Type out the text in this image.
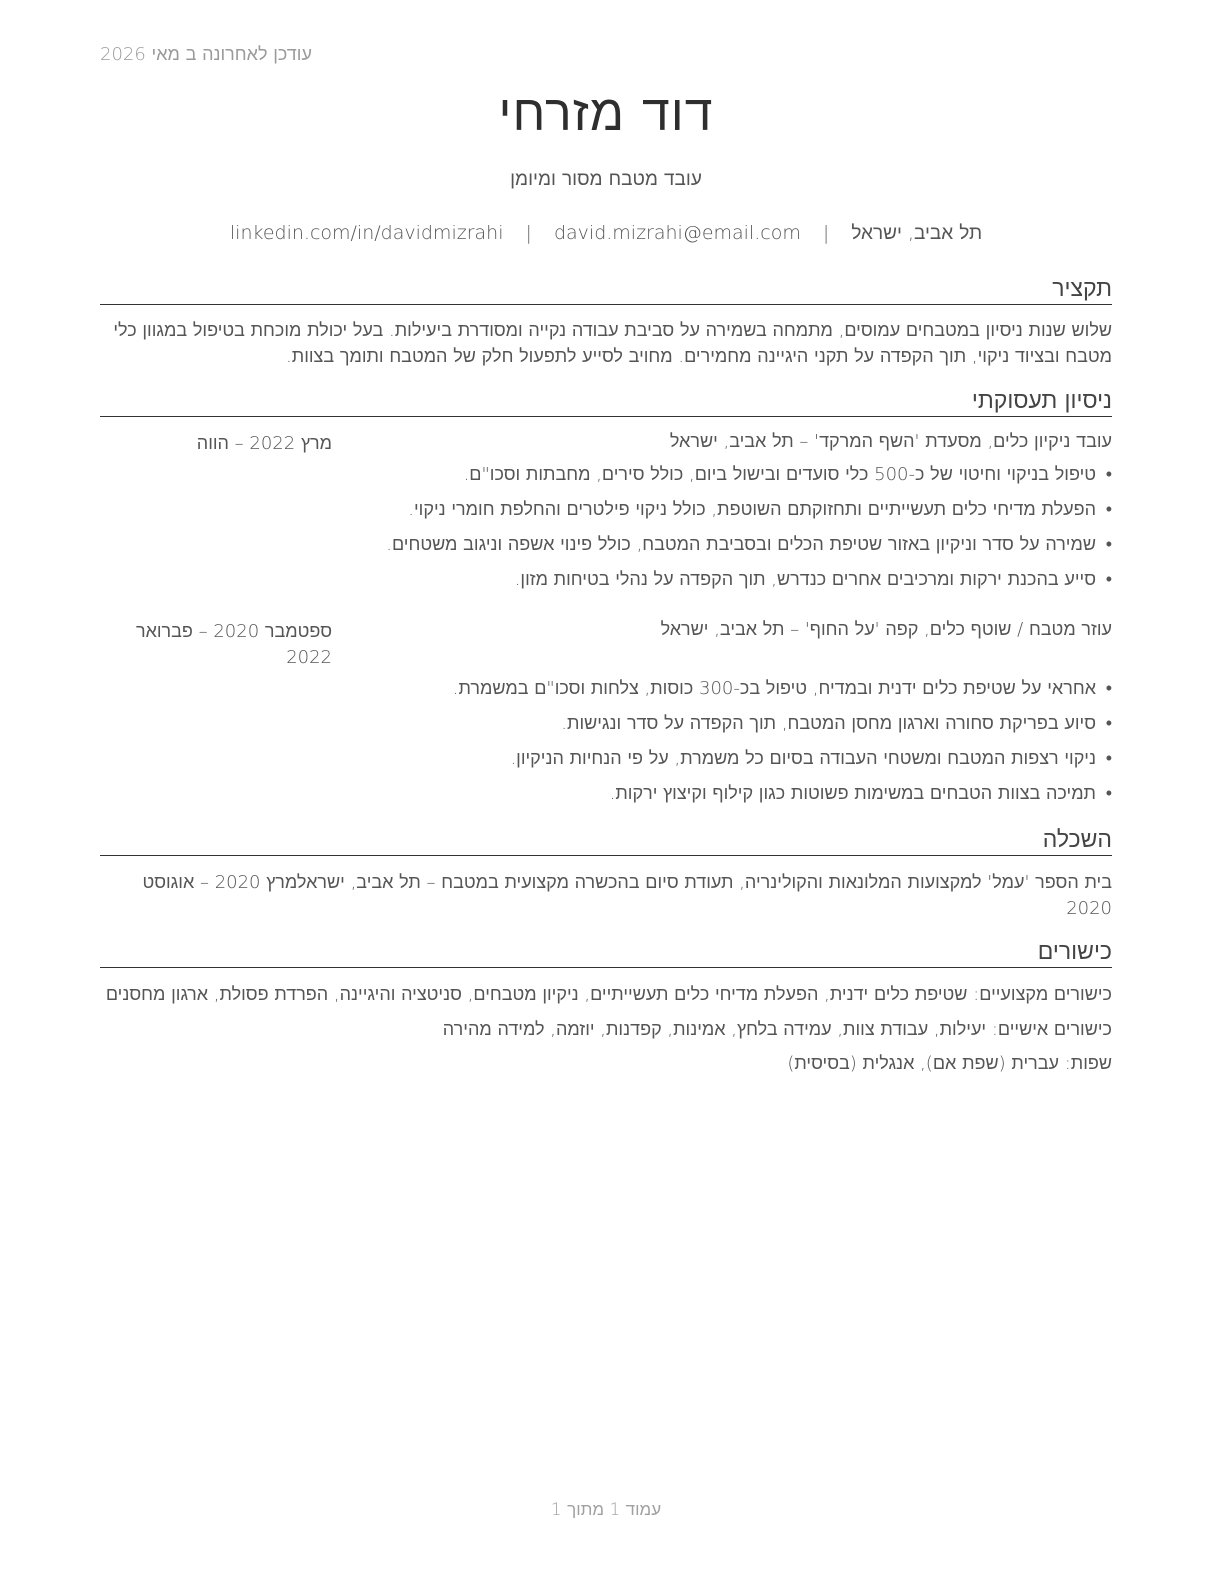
עודכן לאחרונה ב מאי 2026
דוד מזרחי
עובד מטבח מסור ומיומן
תל אביב, ישראל | david.mizrahi@email.com | linkedin.com/in/davidmizrahi
תקציר
שלוש שנות ניסיון במטבחים עמוסים, מתמחה בשמירה על סביבת עבודה נקייה ומסודרת ביעילות. בעל יכולת מוכחת בטיפול במגוון כלי מטבח ובציוד ניקוי, תוך הקפדה על תקני היגיינה מחמירים. מחויב לסייע לתפעול חלק של המטבח ותומך בצוות.
ניסיון תעסוקתי
עובד ניקיון כלים, מסעדת 'השף המרקד' – תל אביב, ישראל
מרץ 2022 – הווה
•
טיפול בניקוי וחיטוי של כ-500 כלי סועדים ובישול ביום, כולל סירים, מחבתות וסכו"ם.
•
הפעלת מדיחי כלים תעשייתיים ותחזוקתם השוטפת, כולל ניקוי פילטרים והחלפת חומרי ניקוי.
•
שמירה על סדר וניקיון באזור שטיפת הכלים ובסביבת המטבח, כולל פינוי אשפה וניגוב משטחים.
•
סייע בהכנת ירקות ומרכיבים אחרים כנדרש, תוך הקפדה על נהלי בטיחות מזון.
עוזר מטבח / שוטף כלים, קפה 'על החוף' – תל אביב, ישראל
ספטמבר 2020 – פברואר 2022
•
אחראי על שטיפת כלים ידנית ובמדיח, טיפול בכ-300 כוסות, צלחות וסכו"ם במשמרת.
•
סיוע בפריקת סחורה וארגון מחסן המטבח, תוך הקפדה על סדר ונגישות.
•
ניקוי רצפות המטבח ומשטחי העבודה בסיום כל משמרת, על פי הנחיות הניקיון.
•
תמיכה בצוות הטבחים במשימות פשוטות כגון קילוף וקיצוץ ירקות.
השכלה
בית הספר 'עמל' למקצועות המלונאות והקולינריה, תעודת סיום בהכשרה מקצועית במטבח – תל אביב, ישראלמרץ 2020 – אוגוסט 2020
כישורים
כישורים מקצועיים: שטיפת כלים ידנית, הפעלת מדיחי כלים תעשייתיים, ניקיון מטבחים, סניטציה והיגיינה, הפרדת פסולת, ארגון מחסנים
כישורים אישיים: יעילות, עבודת צוות, עמידה בלחץ, אמינות, קפדנות, יוזמה, למידה מהירה
שפות: עברית (שפת אם), אנגלית (בסיסית)
עמוד 1 מתוך 1
